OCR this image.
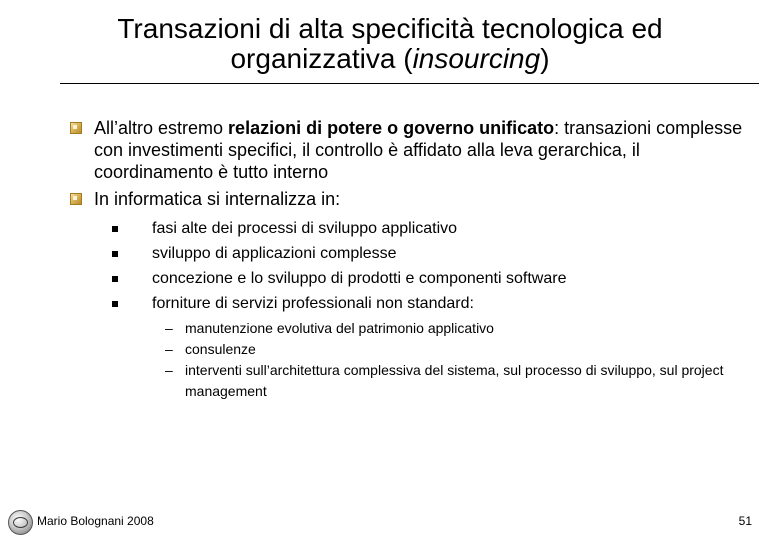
Transazioni di alta specificità tecnologica ed
organizzativa (insourcing)
All’altro estremo relazioni di potere o governo unificato: transazioni complesse con investimenti specifici, il controllo è affidato alla leva gerarchica, il coordinamento è tutto interno
In informatica si internalizza in:
fasi alte dei processi di sviluppo applicativo
sviluppo di applicazioni complesse
concezione e lo sviluppo di prodotti e componenti software
forniture di servizi professionali non standard:
– manutenzione evolutiva del patrimonio applicativo
– consulenze
– interventi sull’architettura complessiva del sistema, sul processo di sviluppo, sul project management
Mario Bolognani 2008	51
